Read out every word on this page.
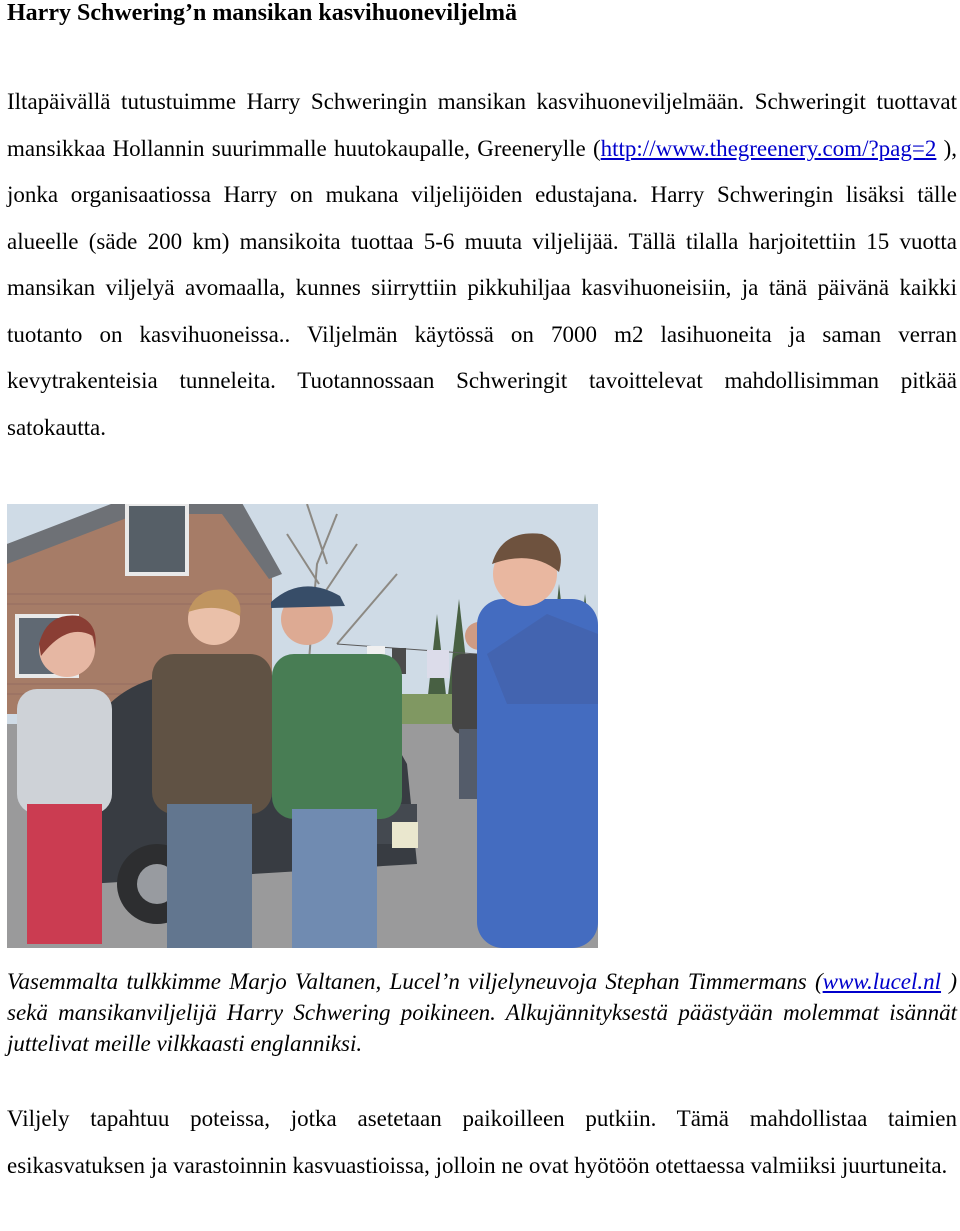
Harry Schwering’n mansikan kasvihuoneviljelmä

Iltapäivällä tutustuimme Harry Schweringin mansikan kasvihuoneviljelmään. Schweringit tuottavat mansikkaa Hollannin suurimmalle huutokaupalle, Greenerylle (http://www.thegreenery.com/?pag=2 ), jonka organisaatiossa Harry on mukana viljelijöiden edustajana. Harry Schweringin lisäksi tälle alueelle (säde 200 km) mansikoita tuottaa 5-6 muuta viljelijää. Tällä tilalla harjoitettiin 15 vuotta mansikan viljelyä avomaalla, kunnes siirryttiin pikkuhiljaa kasvihuoneisiin, ja tänä päivänä kaikki tuotanto on kasvihuoneissa.. Viljelmän käytössä on 7000 m2 lasihuoneita ja saman verran kevytrakenteisia tunneleita. Tuotannossaan Schweringit tavoittelevat mahdollisimman pitkää satokautta.

Vasemmalta tulkkimme Marjo Valtanen, Lucel’n viljelyneuvoja Stephan Timmermans (www.lucel.nl ) sekä mansikanviljelijä Harry Schwering poikineen. Alkujännityksestä päästyään molemmat isännät juttelivat meille vilkkaasti englanniksi.

Viljely tapahtuu poteissa, jotka asetetaan paikoilleen putkiin. Tämä mahdollistaa taimien esikasvatuksen ja varastoinnin kasvuastioissa, jolloin ne ovat hyötöön otettaessa valmiiksi juurtuneita.
